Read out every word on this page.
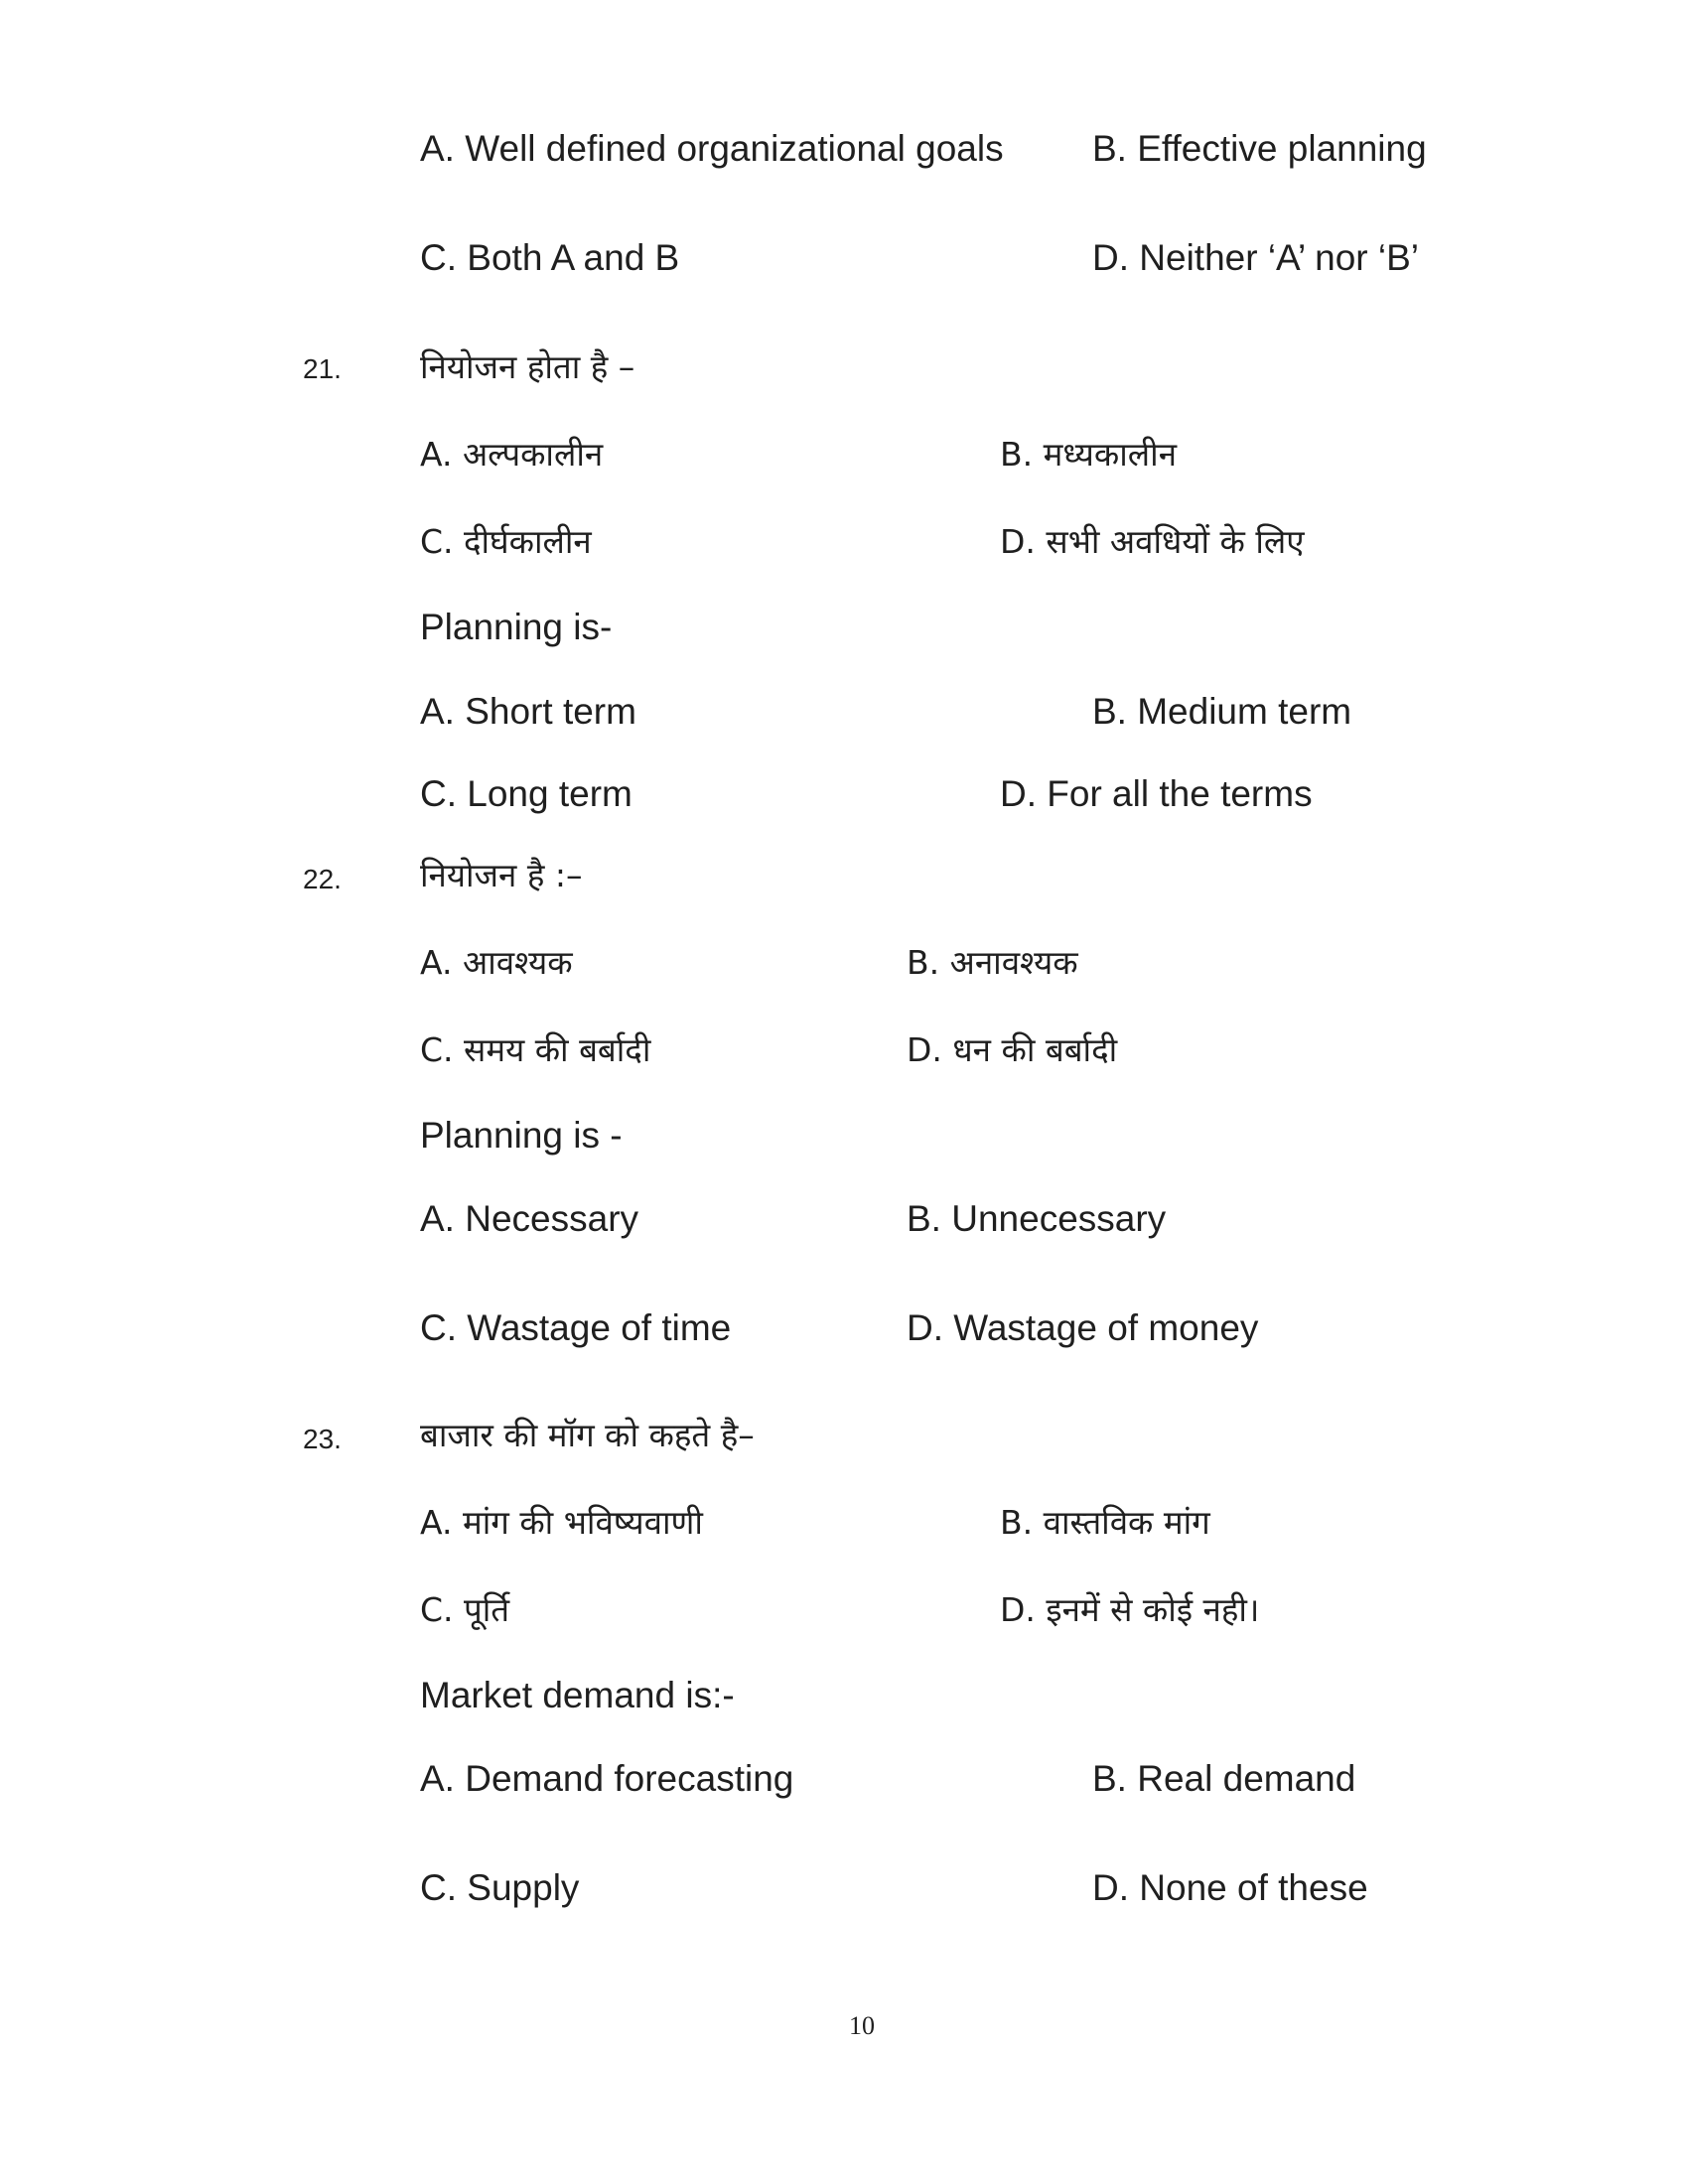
A. Well defined organizational goals B. Effective planning
C. Both A and B	D. Neither ‘A’ nor ‘B’
21. नियोजन होता है –
A. अल्पकालीन	B. मध्यकालीन
C. दीर्घकालीन	D. सभी अवधियों के लिए
Planning is-
A. Short term	B. Medium term
C. Long term	D. For all the terms
22. नियोजन है :–
A. आवश्यक	B. अनावश्यक
C. समय की बर्बादी	D. धन की बर्बादी
Planning is -
A. Necessary	B. Unnecessary
C. Wastage of time	D. Wastage of money
23. बाजार की मॉग को कहते है–
A. मांग की भविष्यवाणी	B. वास्तविक मांग
C. पूर्ति	D. इनमें से कोई नही।
Market demand is:-
A. Demand forecasting	B. Real demand
C. Supply	D. None of these
10
